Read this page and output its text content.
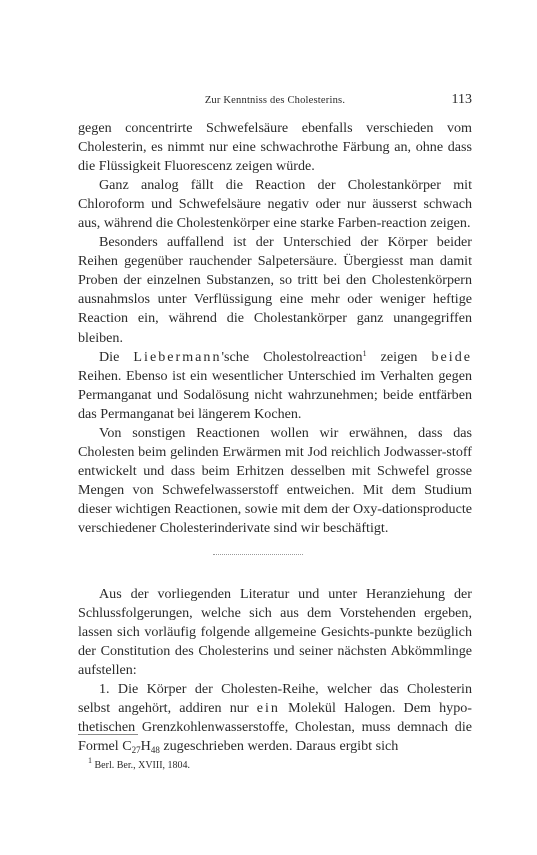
Zur Kenntniss des Cholesterins.	113

gegen concentrirte Schwefelsäure ebenfalls verschieden vom Cholesterin, es nimmt nur eine schwachrothe Färbung an, ohne dass die Flüssigkeit Fluorescenz zeigen würde.

Ganz analog fällt die Reaction der Cholestankörper mit Chloroform und Schwefelsäure negativ oder nur äusserst schwach aus, während die Cholestenkörper eine starke Farben-reaction zeigen.

Besonders auffallend ist der Unterschied der Körper beider Reihen gegenüber rauchender Salpetersäure. Übergiesst man damit Proben der einzelnen Substanzen, so tritt bei den Cholestenkörpern ausnahmslos unter Verflüssigung eine mehr oder weniger heftige Reaction ein, während die Cholestankörper ganz unangegriffen bleiben.

Die Liebermann'sche Cholestolreaction$^1$ zeigen beide Reihen. Ebenso ist ein wesentlicher Unterschied im Verhalten gegen Permanganat und Sodalösung nicht wahrzunehmen; beide entfärben das Permanganat bei längerem Kochen.

Von sonstigen Reactionen wollen wir erwähnen, dass das Cholesten beim gelinden Erwärmen mit Jod reichlich Jodwasser-stoff entwickelt und dass beim Erhitzen desselben mit Schwefel grosse Mengen von Schwefelwasserstoff entweichen. Mit dem Studium dieser wichtigen Reactionen, sowie mit dem der Oxy-dationsproducte verschiedener Cholesterinderivate sind wir beschäftigt.

Aus der vorliegenden Literatur und unter Heranziehung der Schlussfolgerungen, welche sich aus dem Vorstehenden ergeben, lassen sich vorläufig folgende allgemeine Gesichts-punkte bezüglich der Constitution des Cholesterins und seiner nächsten Abkömmlinge aufstellen:

1. Die Körper der Cholesten-Reihe, welcher das Cholesterin selbst angehört, addiren nur ein Molekül Halogen. Dem hypo-thetischen Grenzkohlenwasserstoffe, Cholestan, muss demnach die Formel $C_{27}H_{48}$ zugeschrieben werden. Daraus ergibt sich

$^1$ Berl. Ber., XVIII, 1804.
